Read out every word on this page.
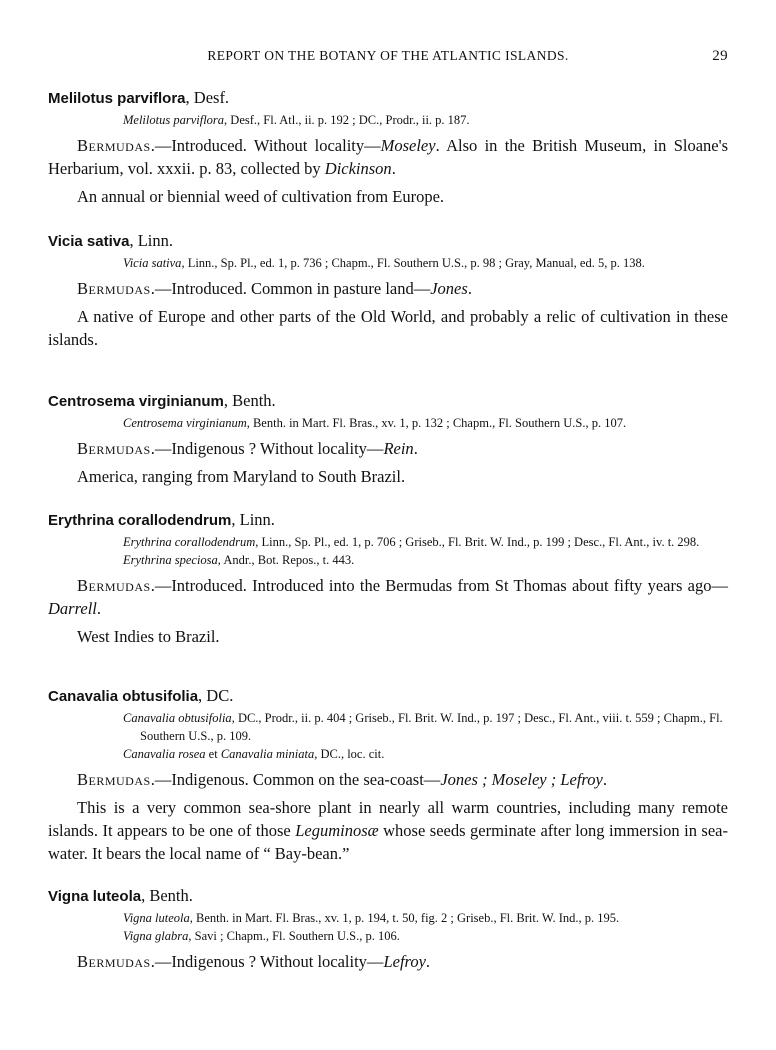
REPORT ON THE BOTANY OF THE ATLANTIC ISLANDS.	29
Melilotus parviflora, Desf.
Melilotus parviflora, Desf., Fl. Atl., ii. p. 192 ; DC., Prodr., ii. p. 187.
Bermudas.—Introduced. Without locality—Moseley. Also in the British Museum, in Sloane's Herbarium, vol. xxxii. p. 83, collected by Dickinson.
An annual or biennial weed of cultivation from Europe.
Vicia sativa, Linn.
Vicia sativa, Linn., Sp. Pl., ed. 1, p. 736 ; Chapm., Fl. Southern U.S., p. 98 ; Gray, Manual, ed. 5, p. 138.
Bermudas.—Introduced. Common in pasture land—Jones.
A native of Europe and other parts of the Old World, and probably a relic of cultivation in these islands.
Centrosema virginianum, Benth.
Centrosema virginianum, Benth. in Mart. Fl. Bras., xv. 1, p. 132 ; Chapm., Fl. Southern U.S., p. 107.
Bermudas.—Indigenous ? Without locality—Rein.
America, ranging from Maryland to South Brazil.
Erythrina corallodendrum, Linn.
Erythrina corallodendrum, Linn., Sp. Pl., ed. 1, p. 706 ; Griseb., Fl. Brit. W. Ind., p. 199 ; Desc., Fl. Ant., iv. t. 298.
Erythrina speciosa, Andr., Bot. Repos., t. 443.
Bermudas.—Introduced. Introduced into the Bermudas from St Thomas about fifty years ago—Darrell.
West Indies to Brazil.
Canavalia obtusifolia, DC.
Canavalia obtusifolia, DC., Prodr., ii. p. 404 ; Griseb., Fl. Brit. W. Ind., p. 197 ; Desc., Fl. Ant., viii. t. 559 ; Chapm., Fl. Southern U.S., p. 109.
Canavalia rosea et Canavalia miniata, DC., loc. cit.
Bermudas.—Indigenous. Common on the sea-coast—Jones ; Moseley ; Lefroy.
This is a very common sea-shore plant in nearly all warm countries, including many remote islands. It appears to be one of those Leguminosæ whose seeds germinate after long immersion in sea-water. It bears the local name of “ Bay-bean.”
Vigna luteola, Benth.
Vigna luteola, Benth. in Mart. Fl. Bras., xv. 1, p. 194, t. 50, fig. 2 ; Griseb., Fl. Brit. W. Ind., p. 195.
Vigna glabra, Savi ; Chapm., Fl. Southern U.S., p. 106.
Bermudas.—Indigenous ? Without locality—Lefroy.
